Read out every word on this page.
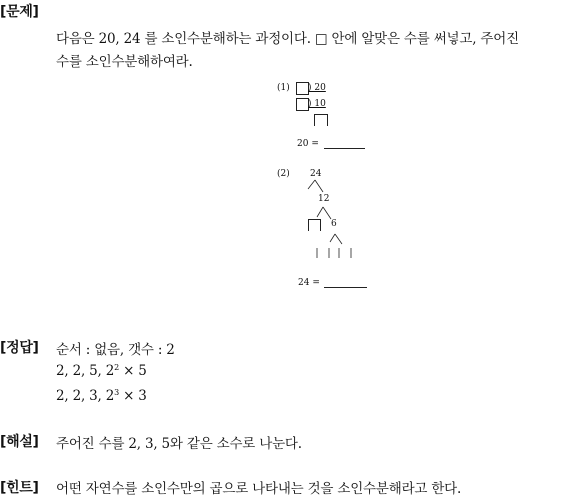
[문제]
다음은 20, 24 를 소인수분해하는 과정이다. □ 안에 알맞은 수를 써넣고, 주어진
수를 소인수분해하여라.
(1) ) 20
) 10
20 =
(2) 24
12
6
24 =
[정답] 순서 : 없음, 갯수 : 2
2, 2, 5, $2^2 \times 5$
2, 2, 3, $2^3 \times 3$
[해설] 주어진 수를 2, 3, 5와 같은 소수로 나눈다.
[힌트] 어떤 자연수를 소인수만의 곱으로 나타내는 것을 소인수분해라고 한다.
